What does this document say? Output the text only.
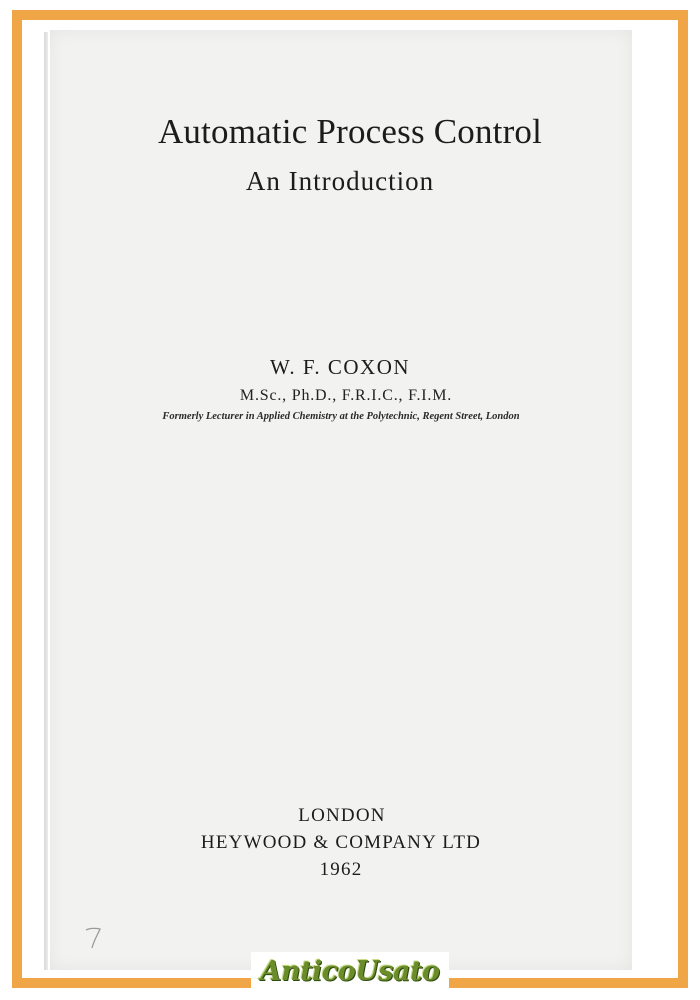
Automatic Process Control
An Introduction
W. F. COXON
M.Sc., Ph.D., F.R.I.C., F.I.M.
Formerly Lecturer in Applied Chemistry at the Polytechnic, Regent Street, London
LONDON
HEYWOOD & COMPANY LTD
1962
AnticoUsato
